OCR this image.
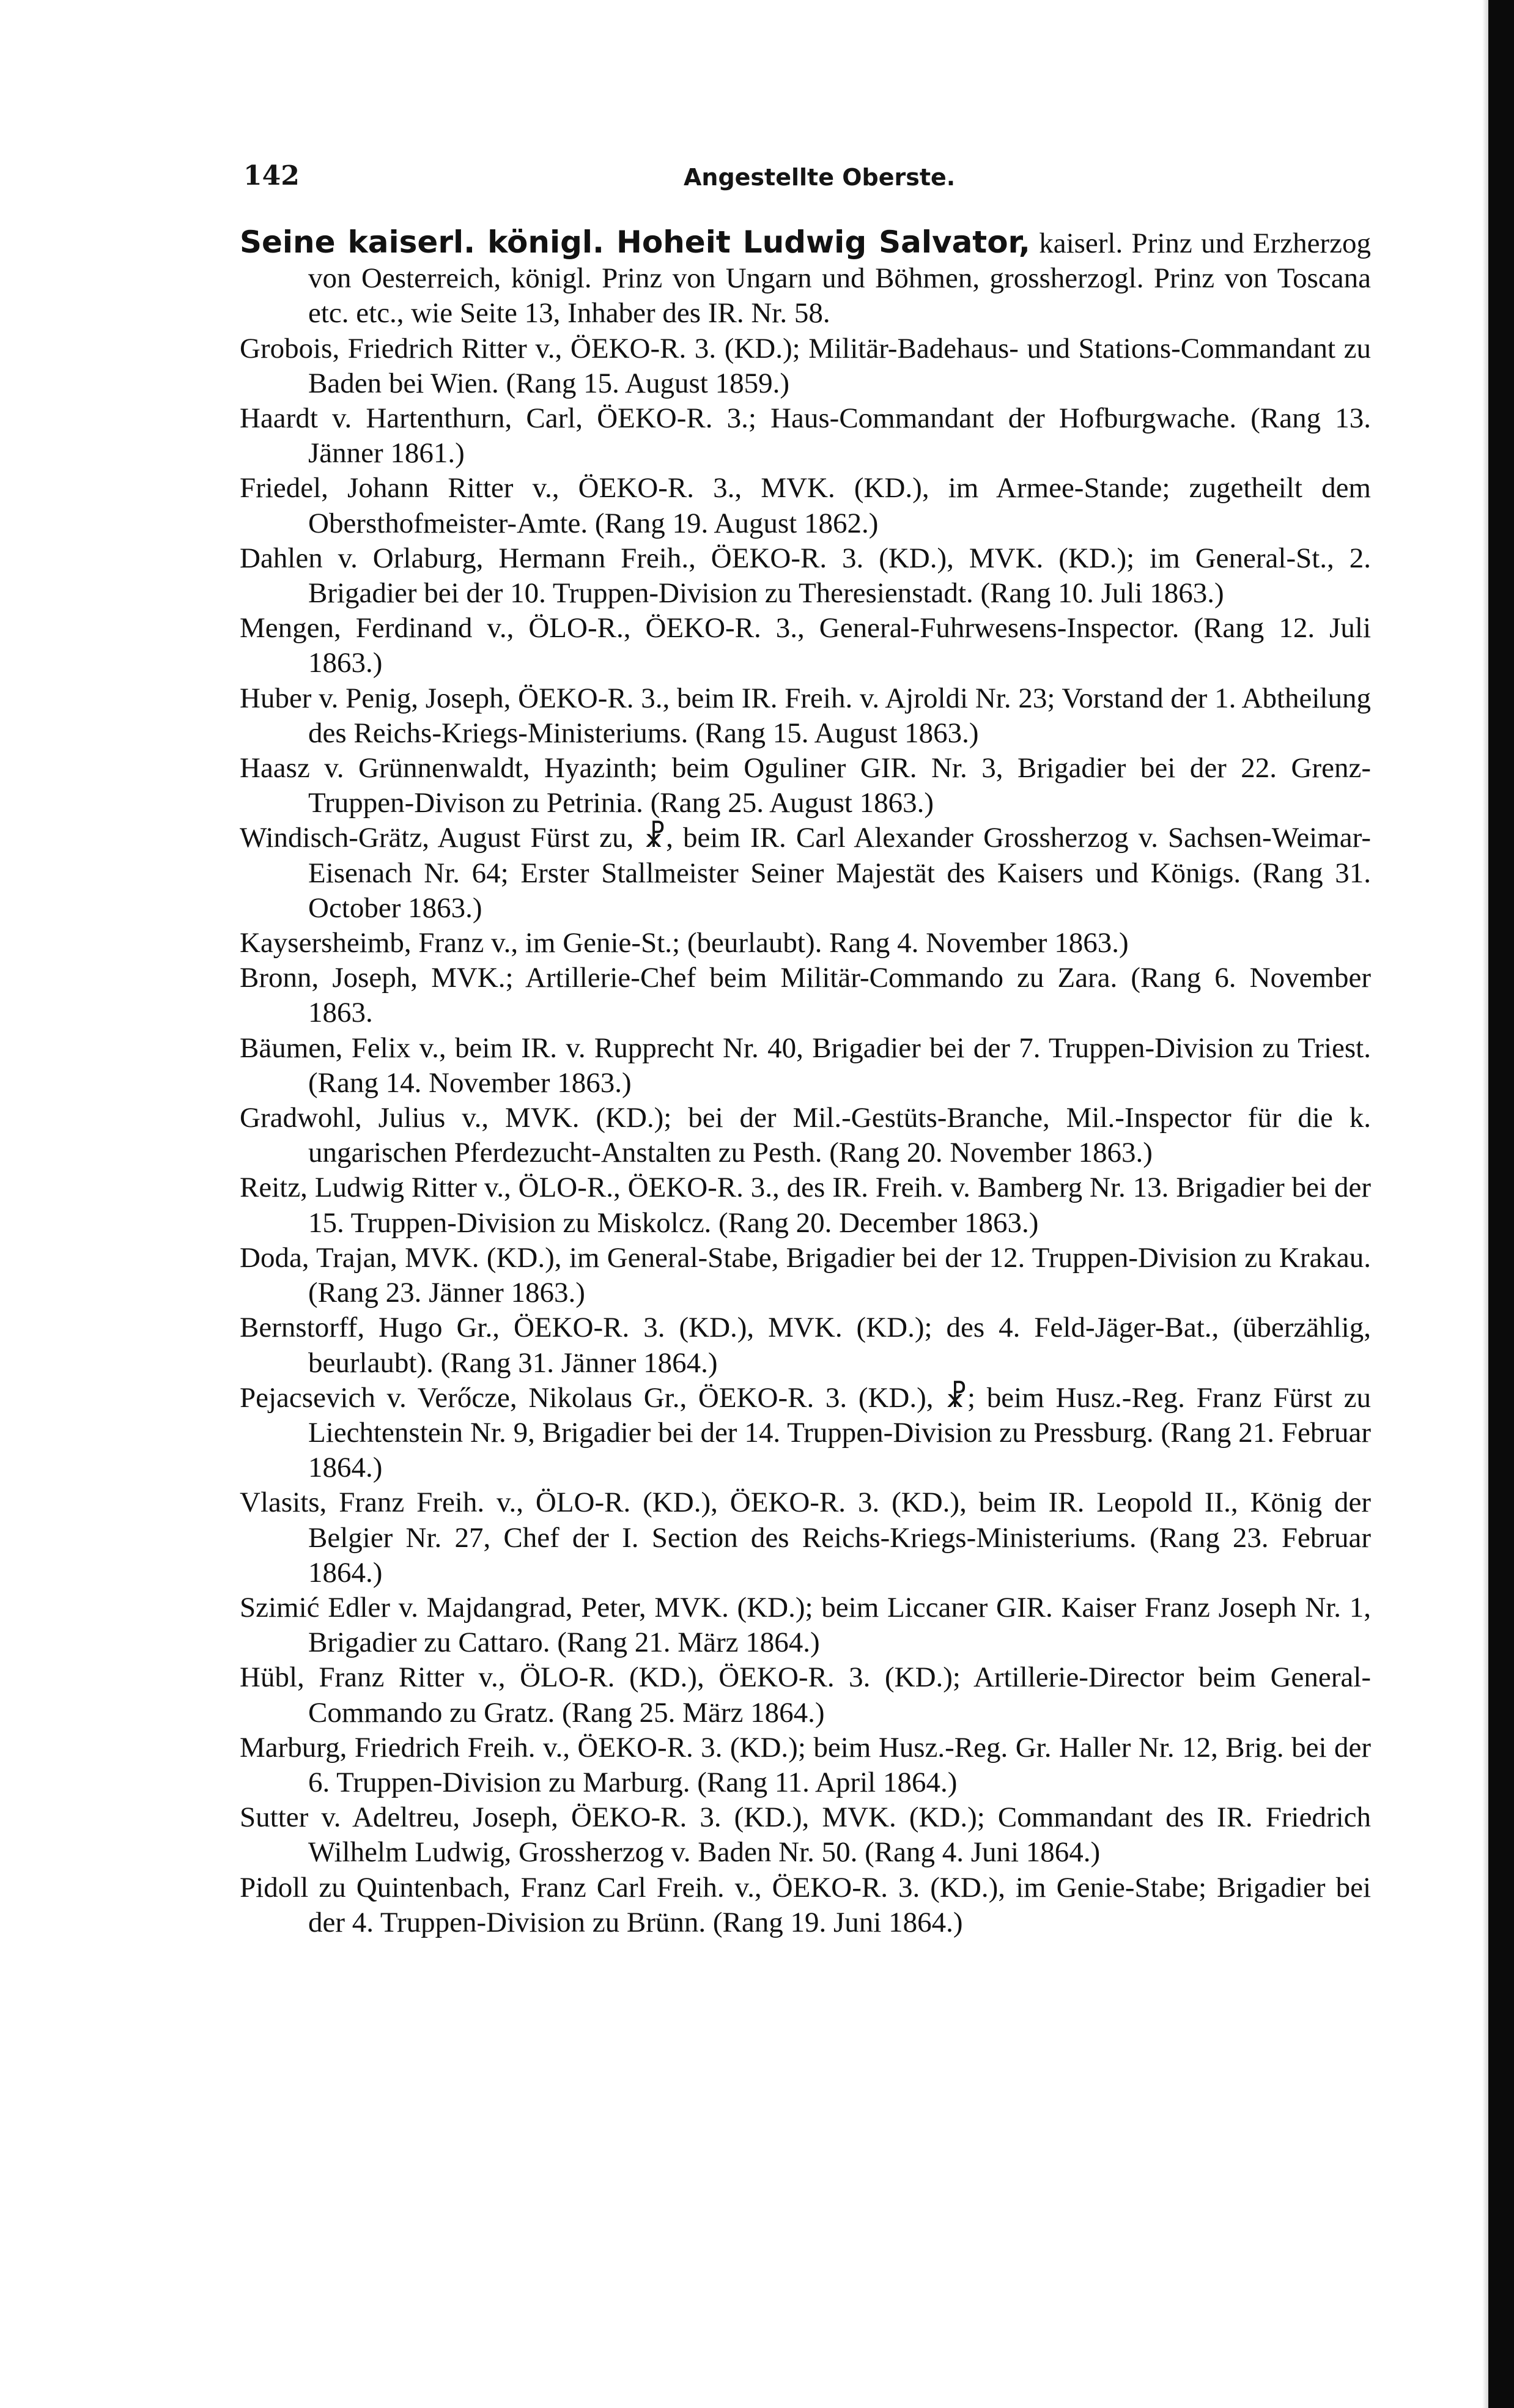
142	Angestellte Oberste.

Seine kaiserl. königl. Hoheit Ludwig Salvator, kaiserl. Prinz und Erzherzog von Oesterreich, königl. Prinz von Ungarn und Böhmen, grossherzogl. Prinz von Toscana etc. etc., wie Seite 13, Inhaber des IR. Nr. 58.

Grobois, Friedrich Ritter v., ÖEKO-R. 3. (KD.); Militär-Badehaus- und Stations-Commandant zu Baden bei Wien. (Rang 15. August 1859.)

Haardt v. Hartenthurn, Carl, ÖEKO-R. 3.; Haus-Commandant der Hofburgwache. (Rang 13. Jänner 1861.)

Friedel, Johann Ritter v., ÖEKO-R. 3., MVK. (KD.), im Armee-Stande; zugetheilt dem Obersthofmeister-Amte. (Rang 19. August 1862.)

Dahlen v. Orlaburg, Hermann Freih., ÖEKO-R. 3. (KD.), MVK. (KD.); im General-St., 2. Brigadier bei der 10. Truppen-Division zu Theresienstadt. (Rang 10. Juli 1863.)

Mengen, Ferdinand v., ÖLO-R., ÖEKO-R. 3., General-Fuhrwesens-Inspector. (Rang 12. Juli 1863.)

Huber v. Penig, Joseph, ÖEKO-R. 3., beim IR. Freih. v. Ajroldi Nr. 23; Vorstand der 1. Abtheilung des Reichs-Kriegs-Ministeriums. (Rang 15. August 1863.)

Haasz v. Grünnenwaldt, Hyazinth; beim Oguliner GIR. Nr. 3, Brigadier bei der 22. Grenz-Truppen-Divison zu Petrinia. (Rang 25. August 1863.)

Windisch-Grätz, August Fürst zu, ☧, beim IR. Carl Alexander Grossherzog v. Sachsen-Weimar-Eisenach Nr. 64; Erster Stallmeister Seiner Majestät des Kaisers und Königs. (Rang 31. October 1863.)

Kaysersheimb, Franz v., im Genie-St.; (beurlaubt). Rang 4. November 1863.)

Bronn, Joseph, MVK.; Artillerie-Chef beim Militär-Commando zu Zara. (Rang 6. November 1863.

Bäumen, Felix v., beim IR. v. Rupprecht Nr. 40, Brigadier bei der 7. Truppen-Division zu Triest. (Rang 14. November 1863.)

Gradwohl, Julius v., MVK. (KD.); bei der Mil.-Gestüts-Branche, Mil.-Inspector für die k. ungarischen Pferdezucht-Anstalten zu Pesth. (Rang 20. November 1863.)

Reitz, Ludwig Ritter v., ÖLO-R., ÖEKO-R. 3., des IR. Freih. v. Bamberg Nr. 13. Brigadier bei der 15. Truppen-Division zu Miskolcz. (Rang 20. December 1863.)

Doda, Trajan, MVK. (KD.), im General-Stabe, Brigadier bei der 12. Truppen-Division zu Krakau. (Rang 23. Jänner 1863.)

Bernstorff, Hugo Gr., ÖEKO-R. 3. (KD.), MVK. (KD.); des 4. Feld-Jäger-Bat., (überzählig, beurlaubt). (Rang 31. Jänner 1864.)

Pejacsevich v. Verőcze, Nikolaus Gr., ÖEKO-R. 3. (KD.), ☧; beim Husz.-Reg. Franz Fürst zu Liechtenstein Nr. 9, Brigadier bei der 14. Truppen-Division zu Pressburg. (Rang 21. Februar 1864.)

Vlasits, Franz Freih. v., ÖLO-R. (KD.), ÖEKO-R. 3. (KD.), beim IR. Leopold II., König der Belgier Nr. 27, Chef der I. Section des Reichs-Kriegs-Ministeriums. (Rang 23. Februar 1864.)

Szimić Edler v. Majdangrad, Peter, MVK. (KD.); beim Liccaner GIR. Kaiser Franz Joseph Nr. 1, Brigadier zu Cattaro. (Rang 21. März 1864.)

Hübl, Franz Ritter v., ÖLO-R. (KD.), ÖEKO-R. 3. (KD.); Artillerie-Director beim General-Commando zu Gratz. (Rang 25. März 1864.)

Marburg, Friedrich Freih. v., ÖEKO-R. 3. (KD.); beim Husz.-Reg. Gr. Haller Nr. 12, Brig. bei der 6. Truppen-Division zu Marburg. (Rang 11. April 1864.)

Sutter v. Adeltreu, Joseph, ÖEKO-R. 3. (KD.), MVK. (KD.); Commandant des IR. Friedrich Wilhelm Ludwig, Grossherzog v. Baden Nr. 50. (Rang 4. Juni 1864.)

Pidoll zu Quintenbach, Franz Carl Freih. v., ÖEKO-R. 3. (KD.), im Genie-Stabe; Brigadier bei der 4. Truppen-Division zu Brünn. (Rang 19. Juni 1864.)
